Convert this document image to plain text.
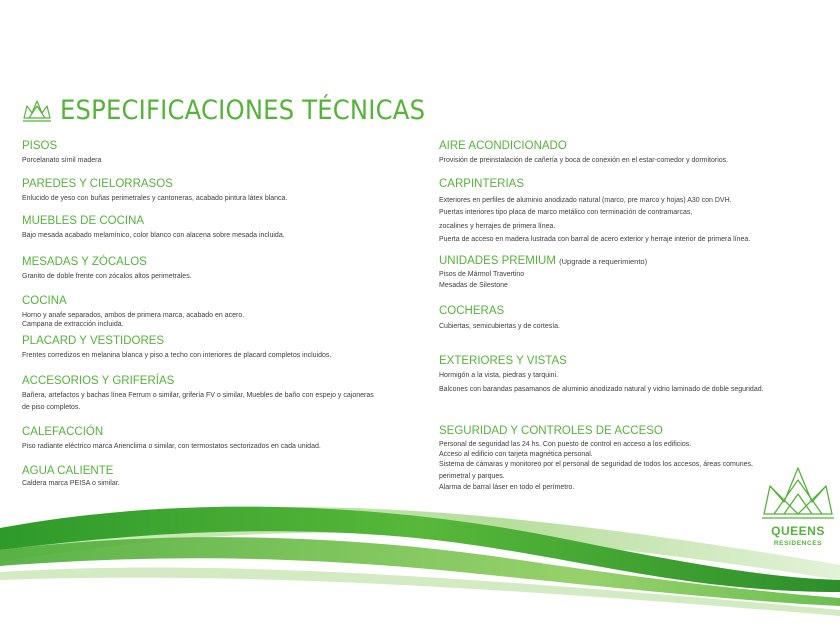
ESPECIFICACIONES TÉCNICAS
PISOS
Porcelanato símil madera
PAREDES Y CIELORRASOS
Enlucido de yeso con buñas perimetrales y cantoneras, acabado pintura látex blanca.
MUEBLES DE COCINA
Bajo mesada acabado melamínico, color blanco con alacena sobre mesada incluida.
MESADAS Y ZÓCALOS
Granito de doble frente con zócalos altos perimetrales.
COCINA
Horno y anafe separados, ambos de primera marca, acabado en acero.
Campana de extracción incluida.
PLACARD Y VESTIDORES
Frentes corredizos en melanina blanca y piso a techo con interiores de placard completos incluidos.
ACCESORIOS Y GRIFERÍAS
Bañera, artefactos y bachas línea Ferrum o similar, grifería FV o similar, Muebles de baño con espejo y cajoneras
de piso completos.
CALEFACCIÓN
Piso radiante eléctrico marca Arienclima o similar, con termostatos sectorizados en cada unidad.
AGUA CALIENTE
Caldera marca PEISA o similar.
AIRE ACONDICIONADO
Provisión de preinstalación de cañería y boca de conexión en el estar-comedor y dormitorios.
CARPINTERIAS
Exteriores en perfiles de aluminio anodizado natural (marco, pre marco y hojas) A30 con DVH.
Puertas interiores tipo placa de marco metálico con terminación de contramarcas,
zocalines y herrajes de primera línea.
Puerta de acceso en madera lustrada con barral de acero exterior y herraje interior de primera línea.
UNIDADES PREMIUM (Upgrade a requerimiento)
Pisos de Mármol Travertino
Mesadas de Silestone
COCHERAS
Cubiertas, semicubiertas y de cortesía.
EXTERIORES Y VISTAS
Hormigón a la vista, piedras y tarquini.
Balcones con barandas pasamanos de aluminio anodizado natural y vidrio laminado de doble seguridad.
SEGURIDAD Y CONTROLES DE ACCESO
Personal de seguridad las 24 hs. Con puesto de control en acceso a los edificios.
Acceso al edificio con tarjeta magnética personal.
Sistema de cámaras y monitoreo por el personal de seguridad de todos los accesos, áreas comunes,
perimetral y parques.
Alarma de barral láser en todo el perímetro.
QUEENS
RESIDENCES
